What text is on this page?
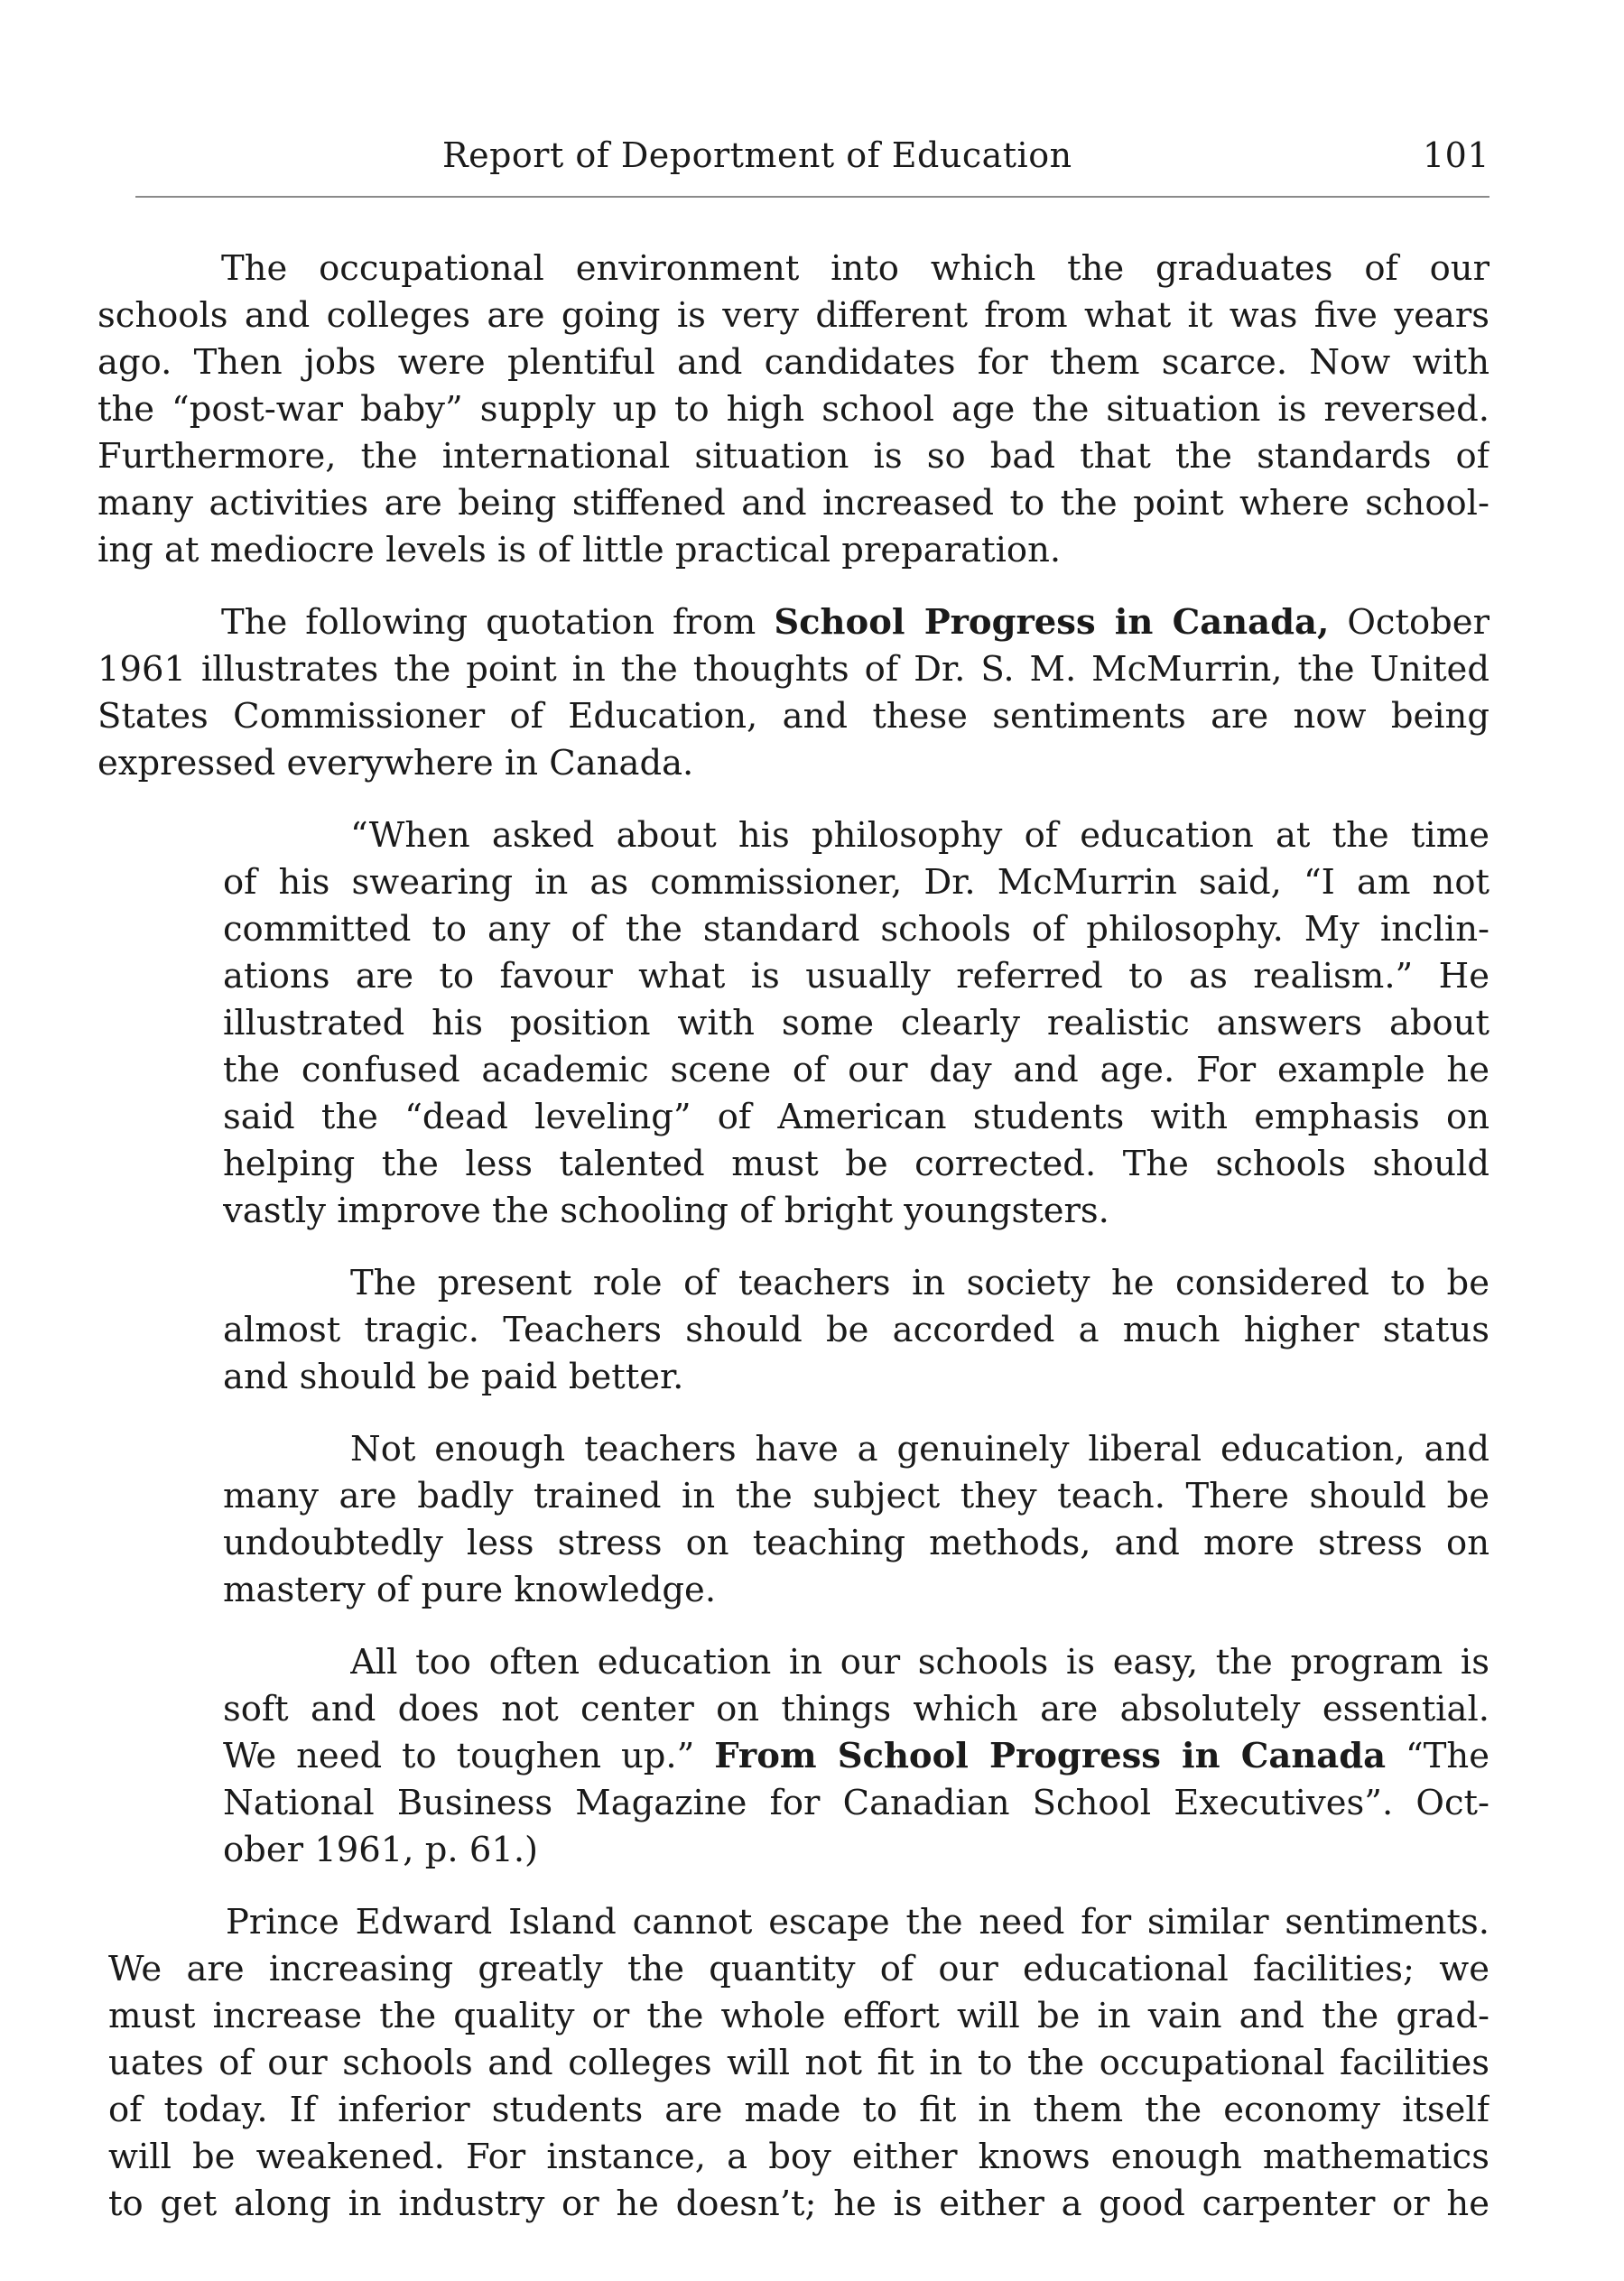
Report of Deportment of Education	101
The occupational environment into which the graduates of our
schools and colleges are going is very different from what it was five years
ago. Then jobs were plentiful and candidates for them scarce. Now with
the “post-war baby” supply up to high school age the situation is reversed.
Furthermore, the international situation is so bad that the standards of
many activities are being stiffened and increased to the point where school-
ing at mediocre levels is of little practical preparation.
The following quotation from School Progress in Canada, October
1961 illustrates the point in the thoughts of Dr. S. M. McMurrin, the United
States Commissioner of Education, and these sentiments are now being
expressed everywhere in Canada.
“When asked about his philosophy of education at the time
of his swearing in as commissioner, Dr. McMurrin said, “I am not
committed to any of the standard schools of philosophy. My inclin-
ations are to favour what is usually referred to as realism.” He
illustrated his position with some clearly realistic answers about
the confused academic scene of our day and age. For example he
said the “dead leveling” of American students with emphasis on
helping the less talented must be corrected. The schools should
vastly improve the schooling of bright youngsters.
The present role of teachers in society he considered to be
almost tragic. Teachers should be accorded a much higher status
and should be paid better.
Not enough teachers have a genuinely liberal education, and
many are badly trained in the subject they teach. There should be
undoubtedly less stress on teaching methods, and more stress on
mastery of pure knowledge.
All too often education in our schools is easy, the program is
soft and does not center on things which are absolutely essential.
We need to toughen up.” From School Progress in Canada “The
National Business Magazine for Canadian School Executives”. Oct-
ober 1961, p. 61.)
Prince Edward Island cannot escape the need for similar sentiments.
We are increasing greatly the quantity of our educational facilities; we
must increase the quality or the whole effort will be in vain and the grad-
uates of our schools and colleges will not fit in to the occupational facilities
of today. If inferior students are made to fit in them the economy itself
will be weakened. For instance, a boy either knows enough mathematics
to get along in industry or he doesn’t; he is either a good carpenter or he
